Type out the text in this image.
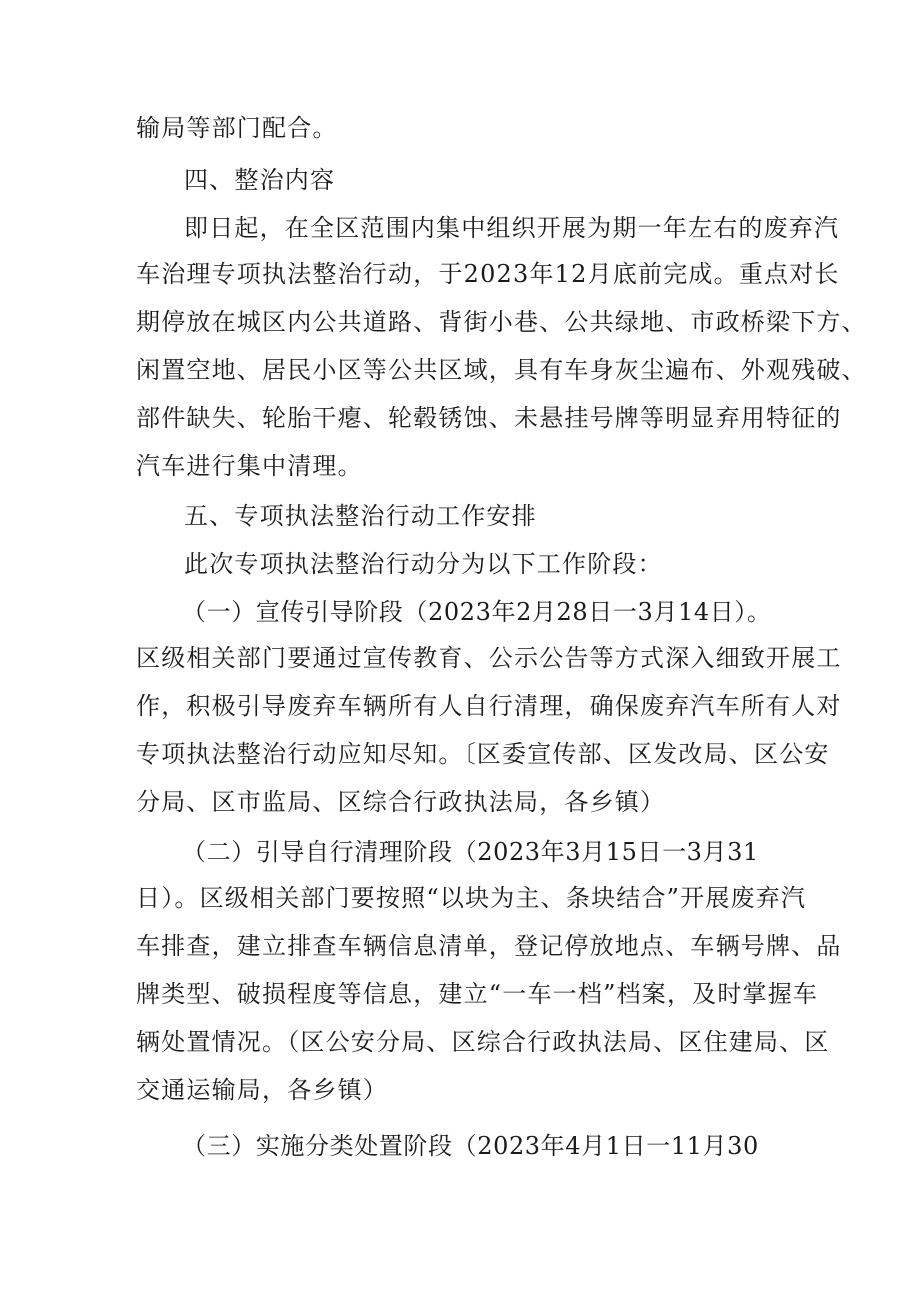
输局等部门配合。
四、整治内容
即日起，在全区范围内集中组织开展为期一年左右的废弃汽
车治理专项执法整治行动，于2023年12月底前完成。重点对长
期停放在城区内公共道路、背街小巷、公共绿地、市政桥梁下方、
闲置空地、居民小区等公共区域，具有车身灰尘遍布、外观残破、
部件缺失、轮胎干瘪、轮毂锈蚀、未悬挂号牌等明显弃用特征的
汽车进行集中清理。
五、专项执法整治行动工作安排
此次专项执法整治行动分为以下工作阶段：
（一）宣传引导阶段（2023年2月28日一3月14日）。
区级相关部门要通过宣传教育、公示公告等方式深入细致开展工
作，积极引导废弃车辆所有人自行清理，确保废弃汽车所有人对
专项执法整治行动应知尽知。〔区委宣传部、区发改局、区公安
分局、区市监局、区综合行政执法局，各乡镇）
（二）引导自行清理阶段（2023年3月15日一3月31
日）。区级相关部门要按照“以块为主、条块结合”开展废弃汽
车排查，建立排查车辆信息清单，登记停放地点、车辆号牌、品
牌类型、破损程度等信息，建立“一车一档”档案，及时掌握车
辆处置情况。（区公安分局、区综合行政执法局、区住建局、区
交通运输局，各乡镇）
（三）实施分类处置阶段（2023年4月1日一11月30
